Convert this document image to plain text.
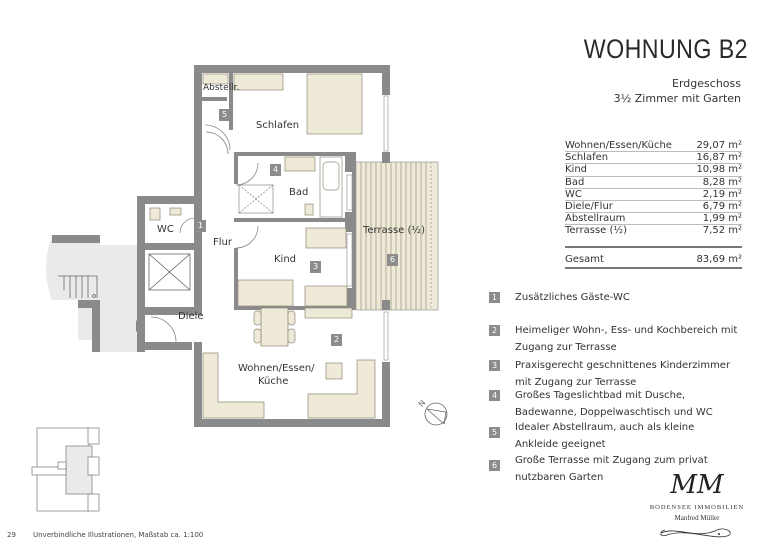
Abstellr.
Schlafen
Bad
WC
Flur
Kind
Terrasse (½)
Diele
Wohnen/Essen/
Küche
1
2
3
4
5
6
N
WOHNUNG B2
Erdgeschoss
3½ Zimmer mit Garten
Wohnen/Essen/Küche 29,07 m²
Schlafen	16,87 m²
Kind	10,98 m²
Bad	8,28 m²
WC	2,19 m²
Diele/Flur	6,79 m²
Abstellraum	1,99 m²
Terrasse (½)	7,52 m²
Gesamt	83,69 m²
1 Zusätzliches Gäste-WC
2 Heimeliger Wohn-, Ess- und Kochbereich mit Zugang zur Terrasse
3 Praxisgerecht geschnittenes Kinderzimmer mit Zugang zur Terrasse
4 Großes Tageslichtbad mit Dusche, Badewanne, Doppelwaschtisch und WC
5 Idealer Abstellraum, auch als kleine Ankleide geeignet
6 Große Terrasse mit Zugang zum privat nutzbaren Garten	MM
BODENSEE IMMOBILIEN
Manfred Müller
29 Unverbindliche Illustrationen, Maßstab ca. 1:100
